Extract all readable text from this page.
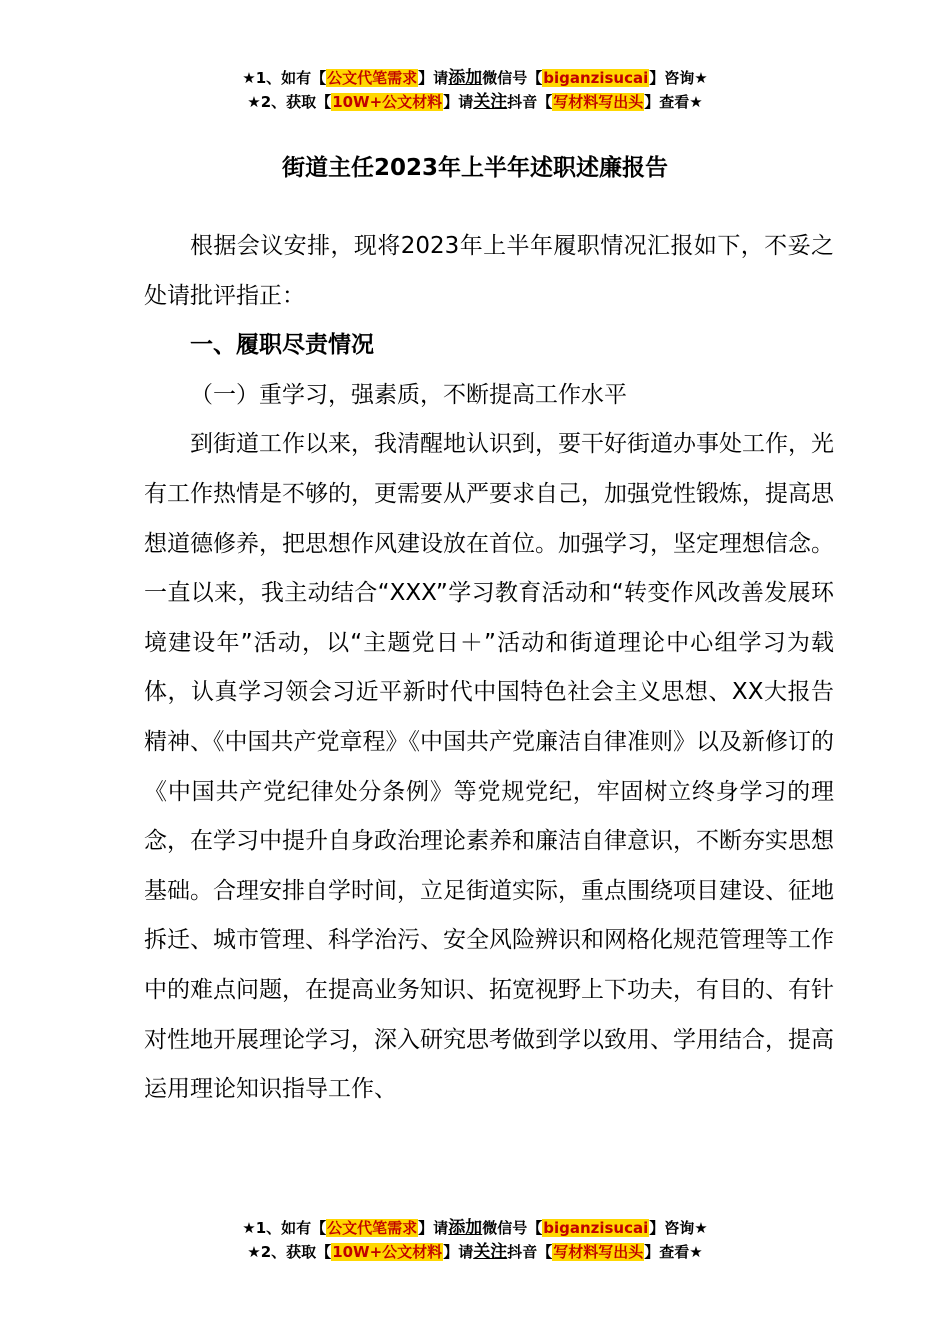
★1、如有【公文代笔需求】请添加微信号【biganzisucai】咨询★
★2、获取【10W+公文材料】请关注抖音【写材料写出头】查看★
街道主任2023年上半年述职述廉报告

根据会议安排，现将2023年上半年履职情况汇报如下，不妥之处请批评指正：

一、履职尽责情况

（一）重学习，强素质，不断提高工作水平

到街道工作以来，我清醒地认识到，要干好街道办事处工作，光有工作热情是不够的，更需要从严要求自己，加强党性锻炼，提高思想道德修养，把思想作风建设放在首位。加强学习，坚定理想信念。一直以来，我主动结合“XXX”学习教育活动和“转变作风改善发展环境建设年”活动，以“主题党日＋”活动和街道理论中心组学习为载体，认真学习领会习近平新时代中国特色社会主义思想、XX大报告精神、《中国共产党章程》《中国共产党廉洁自律准则》以及新修订的《中国共产党纪律处分条例》等党规党纪，牢固树立终身学习的理念，在学习中提升自身政治理论素养和廉洁自律意识，不断夯实思想基础。合理安排自学时间，立足街道实际，重点围绕项目建设、征地拆迁、城市管理、科学治污、安全风险辨识和网格化规范管理等工作中的难点问题，在提高业务知识、拓宽视野上下功夫，有目的、有针对性地开展理论学习，深入研究思考做到学以致用、学用结合，提高运用理论知识指导工作、

★1、如有【公文代笔需求】请添加微信号【biganzisucai】咨询★
★2、获取【10W+公文材料】请关注抖音【写材料写出头】查看★
